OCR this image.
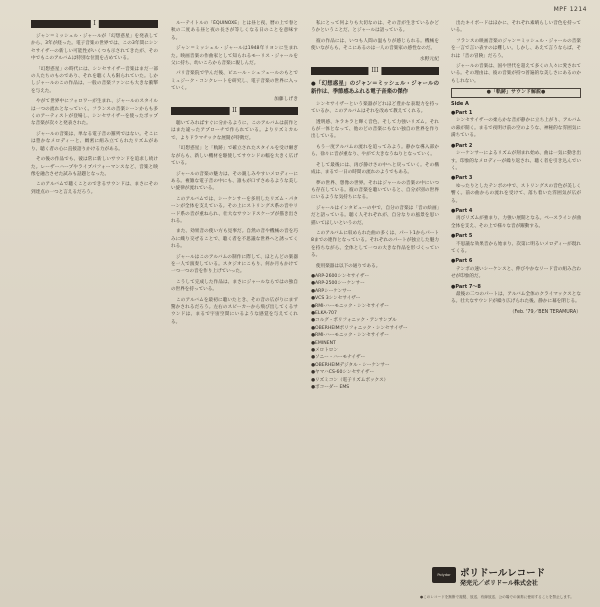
MPF 1214
I

ジャン＝ミッシェル・ジャールが「幻想惑星」を発表してから、3年が経った。電子音楽の世界では、この3年間にシンセサイザーの新しい可能性がいくつも示されてきたが、その中でもこのアルバムは特別な位置を占めている。

「幻想惑星」の時代には、シンセサイザー音楽はまだ一部の人たちのものであり、それを聴く人も限られていた。しかしジャールのこの作品は、一般の音楽ファンにも大きな衝撃を与えた。

やがて世界中にフォロワーが生まれ、ジャールのスタイルは一つの流れとなっていく。フランスの音楽シーンからも多くのアーティストが登場し、シンセサイザーを使ったポップな音楽が次々と発表された。

ジャールの音楽は、単なる電子音の羅列ではない。そこには豊かなメロディーと、緻密に組み立てられたリズムがあり、聴く者の心に直接語りかける力がある。

その後の作品でも、彼は常に新しいサウンドを追求し続けた。レーザーハープやライブパフォーマンスなど、音楽と映像を融合させた試みも話題となった。

このアルバムで聴くことのできるサウンドは、まさにその到達点の一つと言えるだろう。

ルーテイトルの「ÉQUINOXE」とは昼と夜、暦の上で春と秋の二度ある昼と夜の長さが等しくなる日のことを意味する。

ジャン＝ミッシェル・ジャールは1948年リヨンに生まれた。映画音楽の作曲家として知られるモーリス・ジャールを父に持ち、幼いころから音楽に親しんだ。

パリ音楽院で学んだ後、ピエール・シェフェールのもとでミュジーク・コンクレートを研究し、電子音楽の世界に入っていく。

加藤しげき
II

聴いてみればすぐに分かるように、このアルバムは前作とはまた違ったアプローチで作られている。よりリズミカルで、よりドラマチックな展開が特徴だ。

「幻想惑星」と「軌跡」で確立されたスタイルを受け継ぎながらも、新しい機材を駆使してサウンドの幅を大きく広げている。

ジャールの音楽の魅力は、その親しみやすいメロディーにある。複雑な電子音の中にも、誰もが口ずさめるような美しい旋律が流れている。

このアルバムでは、シーケンサーを多用したリズム・パターンが全体を支えている。その上にストリングス系の音やリード系の音が重ねられ、壮大なサウンドスケープが描き出される。

また、効果音の使い方も見事だ。自然の音や機械の音を巧みに織り交ぜることで、聴く者を不思議な世界へと誘ってくれる。

ジャールはこのアルバムの制作に際して、ほとんどの楽器を一人で演奏している。スタジオにこもり、何か月もかけて一つ一つの音を作り上げていった。

こうして完成した作品は、まさにジャールならではの独自の世界を持っている。

このアルバムを最初に聴いたとき、その音の広がりにまず驚かされるだろう。左右のスピーカーから飛び出してくるサウンドは、まるで宇宙空間にいるような感覚を与えてくれる。

私にとって何よりも大切なのは、その音が生きているかどうかということだ、とジャールは語っている。

彼の作品には、いつも人間の温もりが感じられる。機械を使いながらも、そこにあるのは一人の音楽家の感性なのだ。

水野元紀
III
●「幻想惑星」のジャン＝ミッシェル・ジャールの新作は、季節感あふれる電子音楽の傑作

シンセサイザーという楽器がどれほど豊かな表現力を持っているか、このアルバムはそれを改めて教えてくれる。

透明感、キラキラと輝く音色、そして力強いリズム。それらが一体となって、他のどの音楽にもない独自の世界を作り出している。

もう一度アルバムの流れを追ってみよう。静かな導入部から、徐々に音が重なり、やがて大きなうねりとなっていく。

そして最後には、再び静けさの中へと戻っていく。その構成は、まるで一日の時間の流れのようでもある。

夢の世界、想像の世界。それはジャールの音楽の中にいつも存在している。彼の音楽を聴いていると、自分が別の世界にいるような気持ちになる。

ジャールはインタビューの中で、自分の音楽は「音の絵画」だと語っている。聴く人それぞれが、自分なりの風景を思い描いてほしいというのだ。

このアルバムに収められた曲の多くは、パート1からパート8までの連作となっている。それぞれのパートが独立した魅力を持ちながら、全体として一つの大きな作品を形づくっている。

使用楽器は以下の通りである。

●ARP-2600シンセサイザー
●ARP-2500シーケンサー
●ARPシーケンサー
●VCS 3シンセサイザー
●RMI-ハーモニック・シンセサイザー
●ELKA-707
●コルグ・ポリフォニック・アンサンブル
●OBERHEIMポリフォニック・シンセサイザー
●RMI-ハーモニック・シンセサイザー
●EMINENT
●メロトロン
●ソニー・ハーモナイザー
●OBERHEIMデジタル・シーケンサー
●ヤマハCS-60シンセサイザー
●リズミコン（電子リズムボックス）
●ボコーダー EMS

出たキイボードはほかに、それぞれ素晴らしい音色を持っている。

フランスの映画音楽のジャン＝ミッシェル・ジャールの音楽を一言で言い表すのは難しい。しかし、あえて言うならば、それは「音の冒険」だろう。

ジャールの音楽は、国や世代を超えて多くの人々に愛されている。その理由は、彼の音楽が持つ普遍的な美しさにあるのかもしれない。

●「軌跡」サウンド解説●
Side A
●Part 1

シンセサイザーの柔らかな音が静かに立ち上がり、アルバムの幕が開く。まるで夜明け前の空のような、神秘的な雰囲気に満ちている。

●Part 2

シーケンサーによるリズムが刻まれ始め、曲は一気に動き出す。印象的なメロディーが繰り返され、聴く者を引き込んでいく。

●Part 3

ゆったりとしたテンポの中で、ストリングスの音色が美しく響く。前の曲からの流れを受けて、落ち着いた雰囲気が広がる。

●Part 4

再びリズムが強まり、力強い展開となる。ベースラインが曲全体を支え、その上で様々な音が躍動する。

●Part 5

不思議な効果音から始まり、次第に明るいメロディーが現れてくる。

●Part 6

テンポの速いシーケンスと、伸びやかなリード音の組み合わせが印象的だ。

●Part 7〜8

最後の二つのパートは、アルバム全体のクライマックスとなる。壮大なサウンドが繰り広げられた後、静かに幕を閉じる。

（Feb. '79／BEN TERAMURA）
Polydor ポリドールレコード
発売元／ポリドール株式会社
●このレコードを無断で複製、放送、有線放送、公の場での演奏に使用することを禁止します。
